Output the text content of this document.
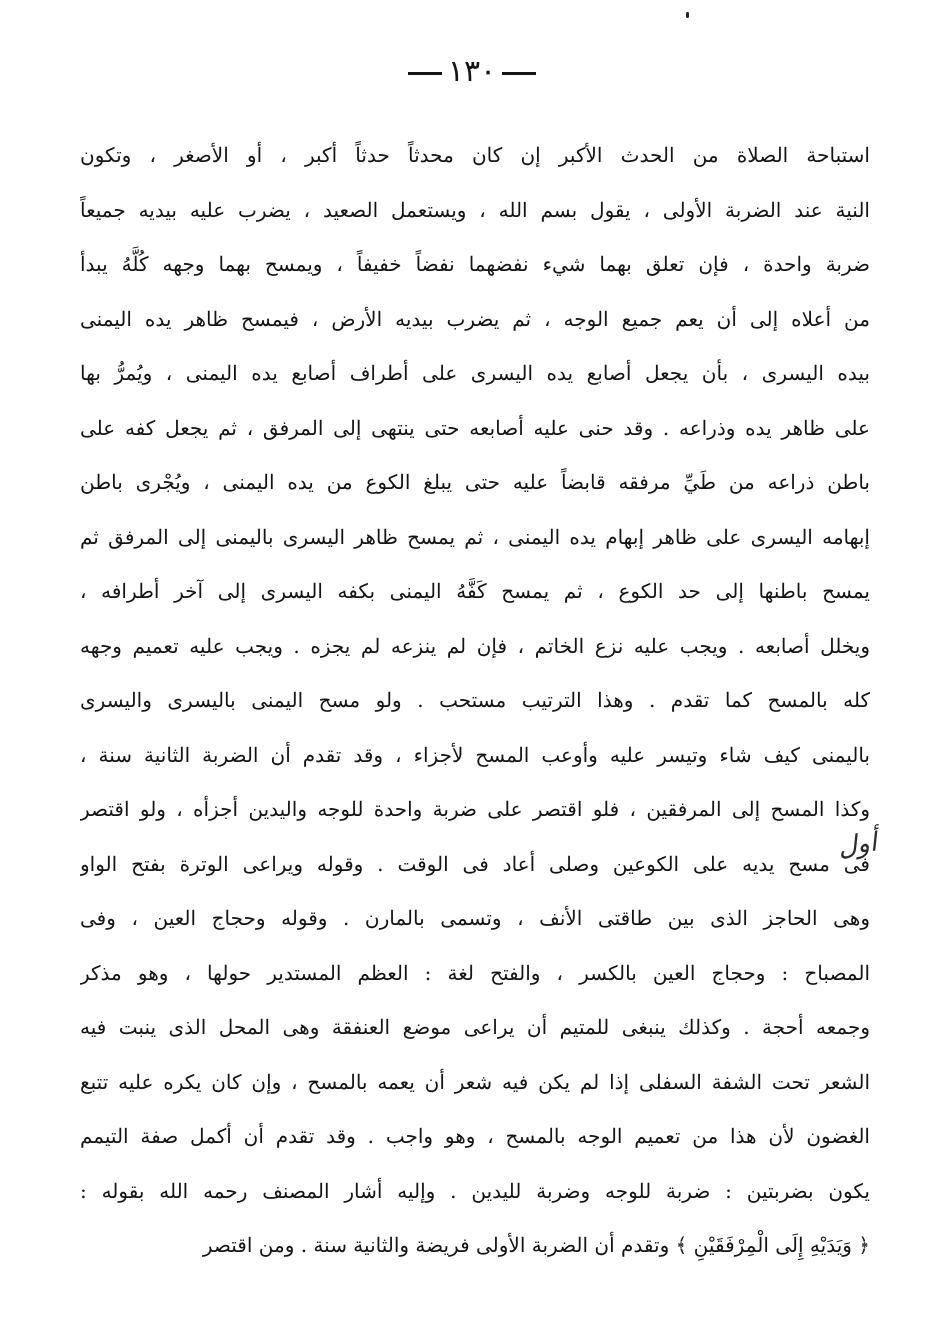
١٣٠
استباحة الصلاة من الحدث الأكبر إن كان محدثاً حدثاً أكبر ، أو الأصغر ، وتكون
النية عند الضربة الأولى ، يقول بسم الله ، ويستعمل الصعيد ، يضرب عليه بيديه جميعاً
ضربة واحدة ، فإن تعلق بهما شيء نفضهما نفضاً خفيفاً ، ويمسح بهما وجهه كُلَّهُ يبدأ
من أعلاه إلى أن يعم جميع الوجه ، ثم يضرب بيديه الأرض ، فيمسح ظاهر يده اليمنى
بيده اليسرى ، بأن يجعل أصابع يده اليسرى على أطراف أصابع يده اليمنى ، ويُمرُّ بها
على ظاهر يده وذراعه . وقد حنى عليه أصابعه حتى ينتهى إلى المرفق ، ثم يجعل كفه على
باطن ذراعه من طَيِّ مرفقه قابضاً عليه حتى يبلغ الكوع من يده اليمنى ، ويُجْرى باطن
إبهامه اليسرى على ظاهر إبهام يده اليمنى ، ثم يمسح ظاهر اليسرى باليمنى إلى المرفق ثم
يمسح باطنها إلى حد الكوع ، ثم يمسح كَفَّهُ اليمنى بكفه اليسرى إلى آخر أطرافه ،
ويخلل أصابعه . ويجب عليه نزع الخاتم ، فإن لم ينزعه لم يجزه . ويجب عليه تعميم وجهه
كله بالمسح كما تقدم . وهذا الترتيب مستحب . ولو مسح اليمنى باليسرى واليسرى
باليمنى كيف شاء وتيسر عليه وأوعب المسح لأجزاء ، وقد تقدم أن الضربة الثانية سنة ،
وكذا المسح إلى المرفقين ، فلو اقتصر على ضربة واحدة للوجه واليدين أجزأه ، ولو اقتصر
فى مسح يديه على الكوعين وصلى أعاد فى الوقت . وقوله ويراعى الوترة بفتح الواو
وهى الحاجز الذى بين طاقتى الأنف ، وتسمى بالمارن . وقوله وحجاج العين ، وفى
المصباح : وحجاج العين بالكسر ، والفتح لغة : العظم المستدير حولها ، وهو مذكر
وجمعه أحجة . وكذلك ينبغى للمتيم أن يراعى موضع العنفقة وهى المحل الذى ينبت فيه
الشعر تحت الشفة السفلى إذا لم يكن فيه شعر أن يعمه بالمسح ، وإن كان يكره عليه تتبع
الغضون لأن هذا من تعميم الوجه بالمسح ، وهو واجب . وقد تقدم أن أكمل صفة التيمم
يكون بضربتين : ضربة للوجه وضربة لليدين . وإليه أشار المصنف رحمه الله بقوله :
﴿ وَيَدَيْهِ إِلَى الْمِرْفَقَيْنِ ﴾ وتقدم أن الضربة الأولى فريضة والثانية سنة . ومن اقتصر
أول
